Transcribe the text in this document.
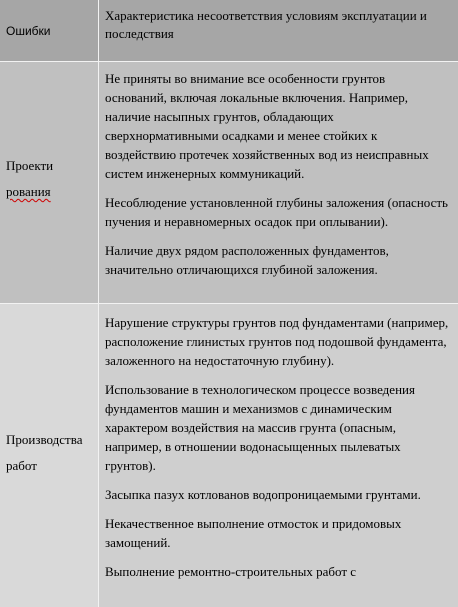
Ошибки
Характеристика несоответствия условиям эксплуатации и последствия

Не приняты во внимание все особенности грунтов оснований, включая локальные включения. Например, наличие насыпных грунтов, обладающих сверхнормативными осадками и менее стойких к воздействию протечек хозяйственных вод из неисправных систем инженерных коммуникаций.

Несоблюдение установленной глубины заложения (опасность пучения и неравномерных осадок при оплывании).

Наличие двух рядом расположенных фундаментов, значительно отличающихся глубиной заложения.

Нарушение структуры грунтов под фундаментами (например, расположение глинистых грунтов под подошвой фундамента, заложенного на недостаточную глубину).

Использование в технологическом процессе возведения фундаментов машин и механизмов с динамическим характером воздействия на массив грунта (опасным, например, в отношении водонасыщенных пылеватых грунтов).

Засыпка пазух котлованов водопроницаемыми грунтами.

Некачественное выполнение отмосток и придомовых замощений.

Выполнение ремонтно-строительных работ с

Проекти
рования
Производства
работ
